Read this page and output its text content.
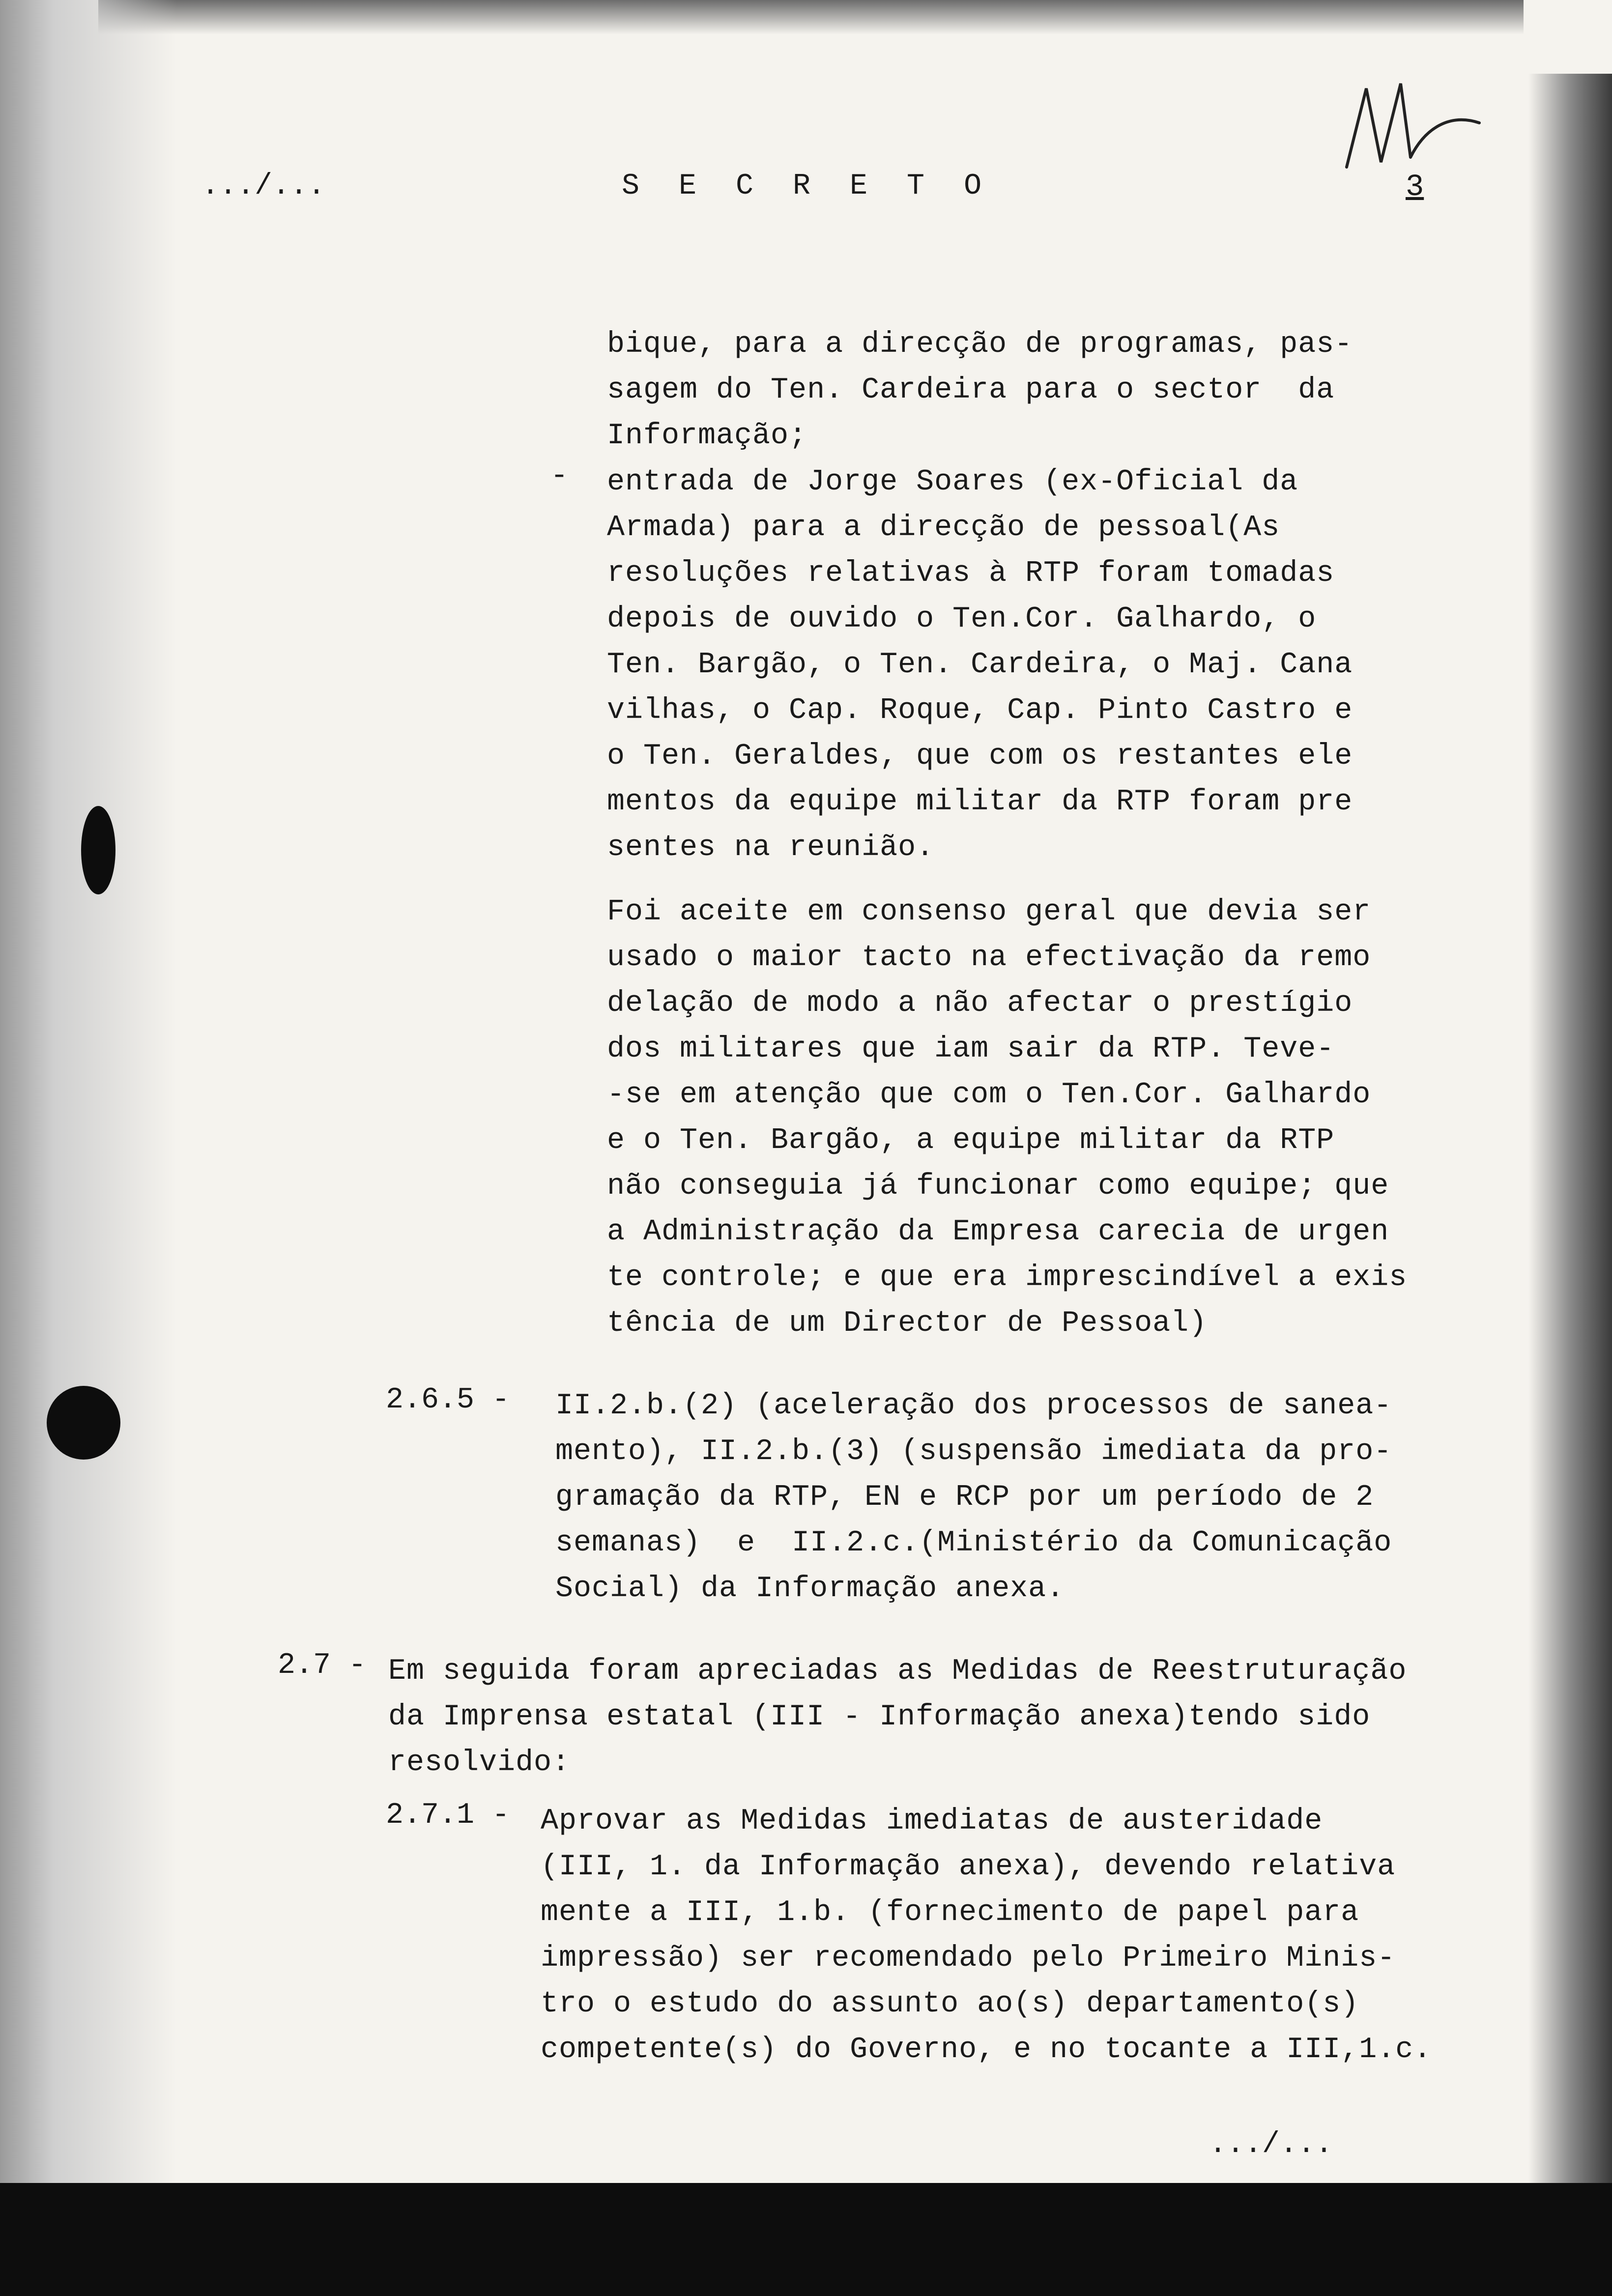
.../...	S E C R E T O	3
bique, para a direcção de programas, pas-
sagem do Ten. Cardeira para o sector  da
Informação;
- entrada de Jorge Soares (ex-Oficial da
Armada) para a direcção de pessoal(As
resoluções relativas à RTP foram tomadas
depois de ouvido o Ten.Cor. Galhardo, o
Ten. Bargão, o Ten. Cardeira, o Maj. Cana
vilhas, o Cap. Roque, Cap. Pinto Castro e
o Ten. Geraldes, que com os restantes ele
mentos da equipe militar da RTP foram pre
sentes na reunião.
Foi aceite em consenso geral que devia ser
usado o maior tacto na efectivação da remo
delação de modo a não afectar o prestígio
dos militares que iam sair da RTP. Teve-
-se em atenção que com o Ten.Cor. Galhardo
e o Ten. Bargão, a equipe militar da RTP
não conseguia já funcionar como equipe; que
a Administração da Empresa carecia de urgen
te controle; e que era imprescindível a exis
tência de um Director de Pessoal)
2.6.5 - II.2.b.(2) (aceleração dos processos de sanea-
mento), II.2.b.(3) (suspensão imediata da pro-
gramação da RTP, EN e RCP por um período de 2
semanas)  e  II.2.c.(Ministério da Comunicação
Social) da Informação anexa.
2.7 - Em seguida foram apreciadas as Medidas de Reestruturação
da Imprensa estatal (III - Informação anexa)tendo sido
resolvido:
2.7.1 - Aprovar as Medidas imediatas de austeridade
(III, 1. da Informação anexa), devendo relativa
mente a III, 1.b. (fornecimento de papel para
impressão) ser recomendado pelo Primeiro Minis-
tro o estudo do assunto ao(s) departamento(s)
competente(s) do Governo, e no tocante a III,1.c.
.../...
